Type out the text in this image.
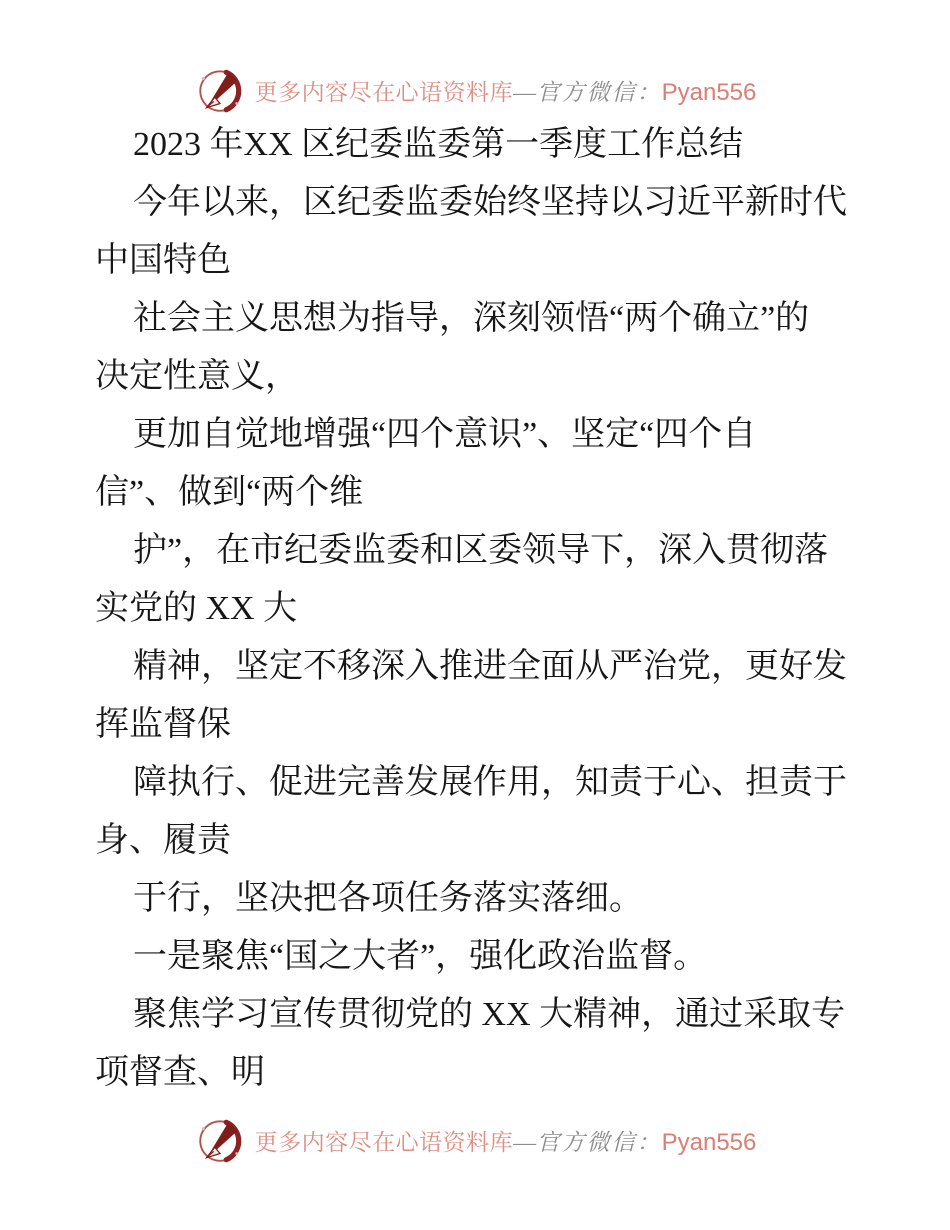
更多内容尽在心语资料库—官方微信：Pyan556
2023 年XX 区纪委监委第一季度工作总结
今年以来，区纪委监委始终坚持以习近平新时代
中国特色
社会主义思想为指导，深刻领悟“两个确立”的
决定性意义，
更加自觉地增强“四个意识”、坚定“四个自
信”、做到“两个维
护”，在市纪委监委和区委领导下，深入贯彻落
实党的 XX 大
精神，坚定不移深入推进全面从严治党，更好发
挥监督保
障执行、促进完善发展作用，知责于心、担责于
身、履责
于行，坚决把各项任务落实落细。
一是聚焦“国之大者”，强化政治监督。
聚焦学习宣传贯彻党的 XX 大精神，通过采取专
项督查、明
更多内容尽在心语资料库—官方微信：Pyan556
